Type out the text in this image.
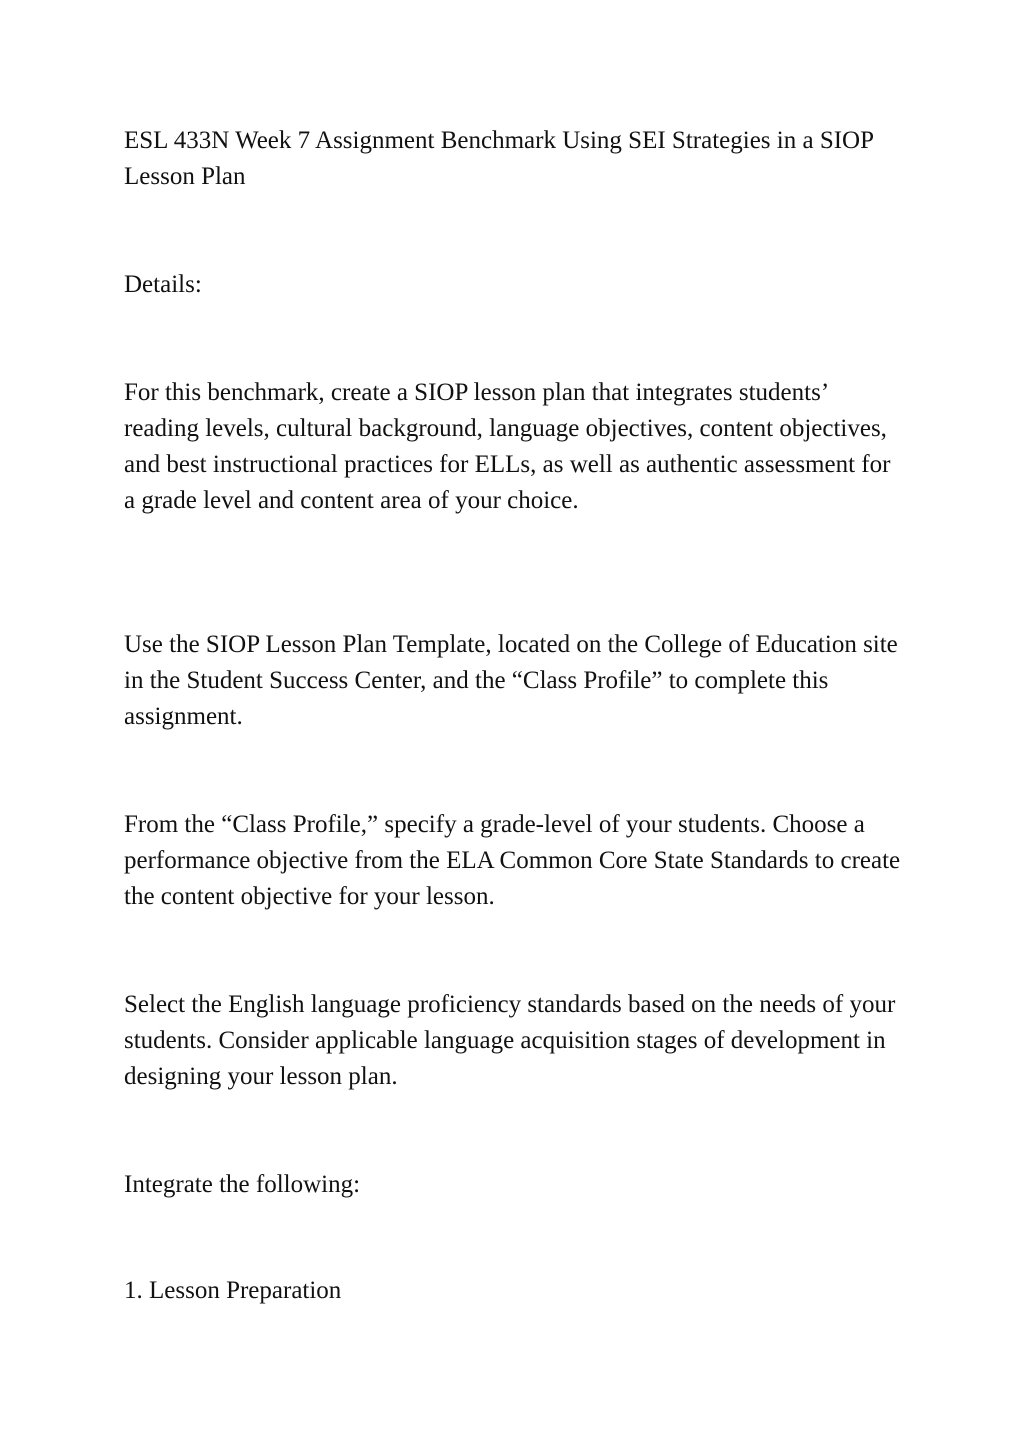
ESL 433N Week 7 Assignment Benchmark Using SEI Strategies in a SIOP Lesson Plan

Details:

For this benchmark, create a SIOP lesson plan that integrates students’ reading levels, cultural background, language objectives, content objectives, and best instructional practices for ELLs, as well as authentic assessment for a grade level and content area of your choice.

Use the SIOP Lesson Plan Template, located on the College of Education site in the Student Success Center, and the “Class Profile” to complete this assignment.

From the “Class Profile,” specify a grade-level of your students. Choose a performance objective from the ELA Common Core State Standards to create the content objective for your lesson.

Select the English language proficiency standards based on the needs of your students. Consider applicable language acquisition stages of development in designing your lesson plan.

Integrate the following:

1. Lesson Preparation
